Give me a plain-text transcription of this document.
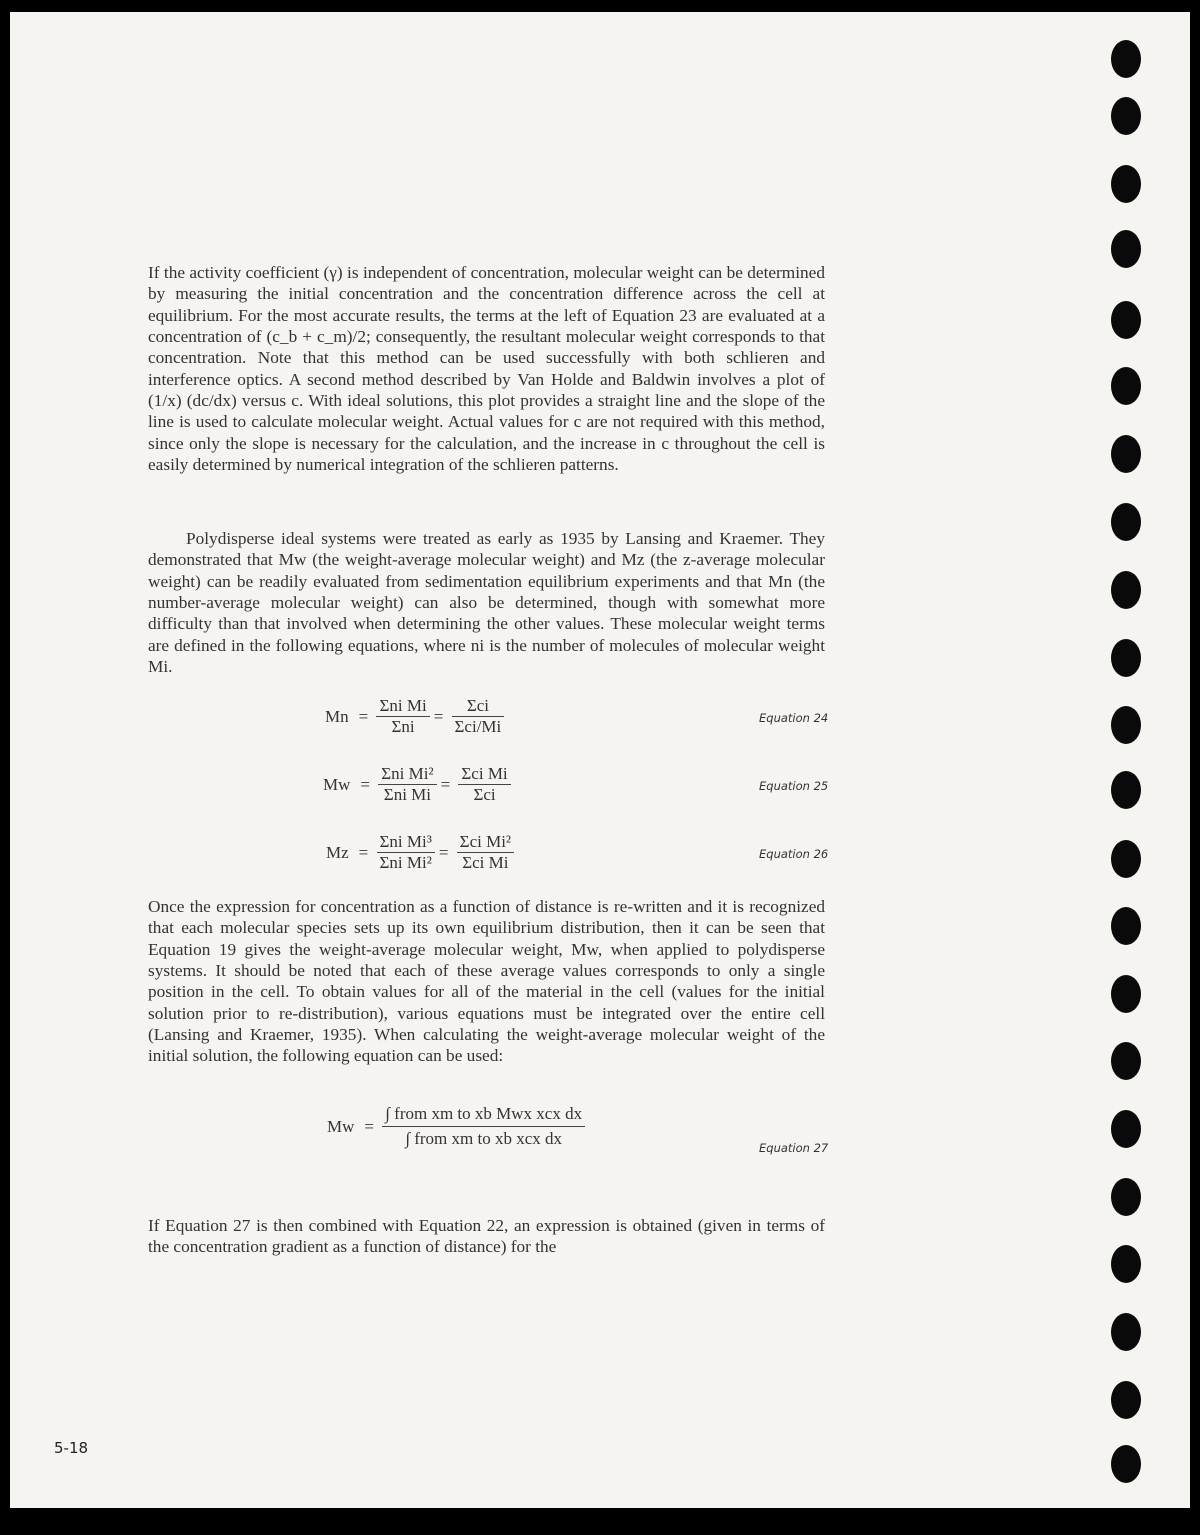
If the activity coefficient (γ) is independent of concentration, molecular weight can be determined by measuring the initial concentration and the concentration difference across the cell at equilibrium. For the most accurate results, the terms at the left of Equation 23 are evaluated at a concentration of (c_b + c_m)/2; consequently, the resultant molecular weight corresponds to that concentration. Note that this method can be used successfully with both schlieren and interference optics. A second method described by Van Holde and Baldwin involves a plot of (1/x) (dc/dx) versus c. With ideal solutions, this plot provides a straight line and the slope of the line is used to calculate molecular weight. Actual values for c are not required with this method, since only the slope is necessary for the calculation, and the increase in c throughout the cell is easily determined by numerical integration of the schlieren patterns.
Polydisperse ideal systems were treated as early as 1935 by Lansing and Kraemer. They demonstrated that Mw (the weight-average molecular weight) and Mz (the z-average molecular weight) can be readily evaluated from sedimentation equilibrium experiments and that Mn (the number-average molecular weight) can also be determined, though with somewhat more difficulty than that involved when determining the other values. These molecular weight terms are defined in the following equations, where ni is the number of molecules of molecular weight Mi.
$Mn = \frac{\text{Σni Mi}}{\text{Σni}} = \frac{\text{Σci}}{\text{Σci/Mi}}$	Equation 24
$Mw = \frac{\text{Σni Mi²}}{\text{Σni Mi}} = \frac{\text{Σci Mi}}{\text{Σci}}$	Equation 25
$Mz = \frac{\text{Σni Mi³}}{\text{Σni Mi²}} = \frac{\text{Σci Mi²}}{\text{Σci Mi}}$	Equation 26
Once the expression for concentration as a function of distance is re-written and it is recognized that each molecular species sets up its own equilibrium distribution, then it can be seen that Equation 19 gives the weight-average molecular weight, Mw, when applied to polydisperse systems. It should be noted that each of these average values corresponds to only a single position in the cell. To obtain values for all of the material in the cell (values for the initial solution prior to re-distribution), various equations must be integrated over the entire cell (Lansing and Kraemer, 1935). When calculating the weight-average molecular weight of the initial solution, the following equation can be used:
$Mw = \frac{\text{∫ from xm to xb Mwx xcx dx}}{\text{∫ from xm to xb xcx dx}}$	Equation 27
If Equation 27 is then combined with Equation 22, an expression is obtained (given in terms of the concentration gradient as a function of distance) for the
5-18
